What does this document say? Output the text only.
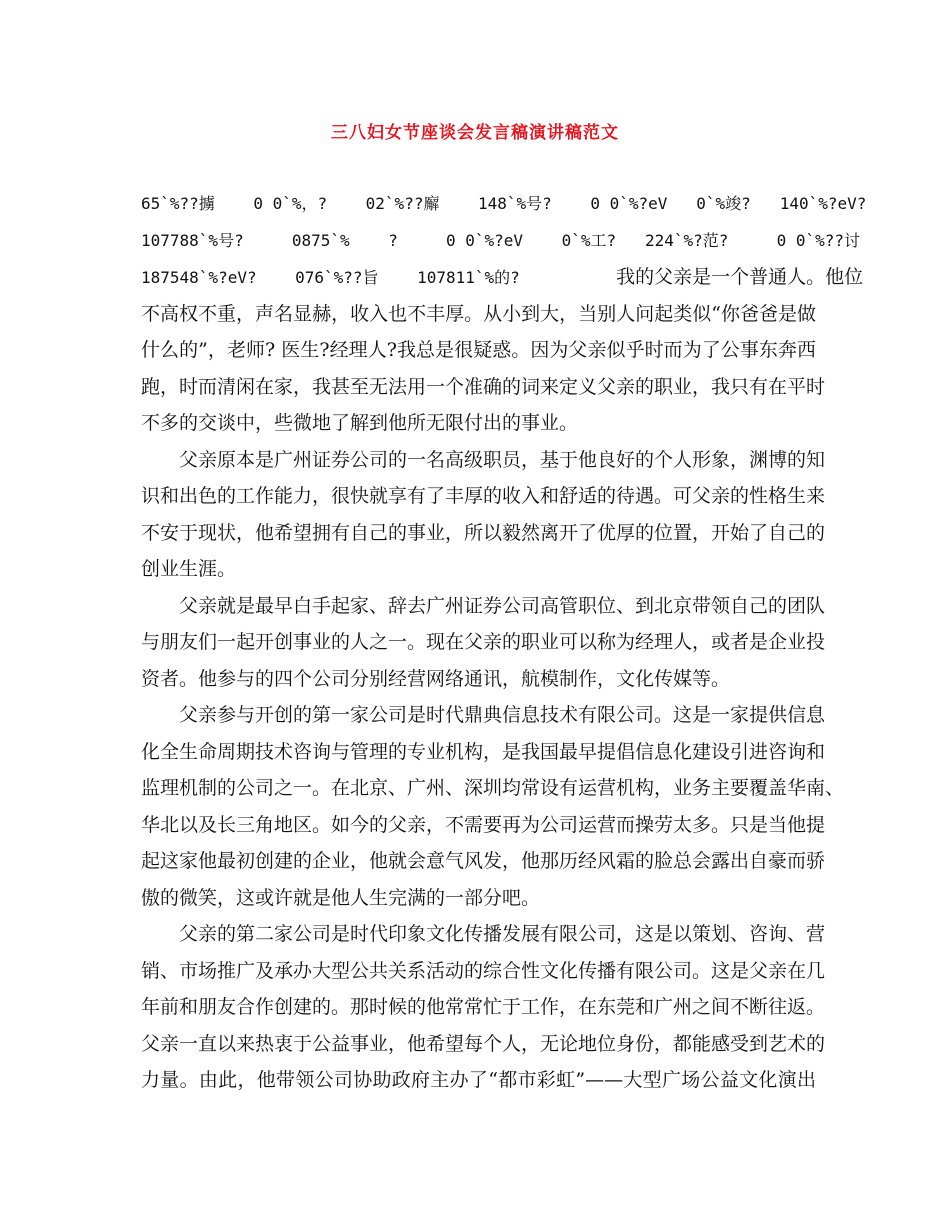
三八妇女节座谈会发言稿演讲稿范文
65`%??擄    0 0`%，?    02`%??廨    148`%号?    0 0`%?eV   0`%竣?   140`%?eV?
107788`%号?     0875`%    ?     0 0`%?eV    0`%工?   224`%?范?     0 0`%??讨
187548`%?eV?    076`%??旨    107811`%的?          我的父亲是一个普通人。他位
不高权不重，声名显赫，收入也不丰厚。从小到大，当别人问起类似“你爸爸是做
什么的”，老师? 医生?经理人?我总是很疑惑。因为父亲似乎时而为了公事东奔西
跑，时而清闲在家，我甚至无法用一个准确的词来定义父亲的职业，我只有在平时
不多的交谈中，些微地了解到他所无限付出的事业。
父亲原本是广州证券公司的一名高级职员，基于他良好的个人形象，渊博的知
识和出色的工作能力，很快就享有了丰厚的收入和舒适的待遇。可父亲的性格生来
不安于现状，他希望拥有自己的事业，所以毅然离开了优厚的位置，开始了自己的
创业生涯。
父亲就是最早白手起家、辞去广州证券公司高管职位、到北京带领自己的团队
与朋友们一起开创事业的人之一。现在父亲的职业可以称为经理人，或者是企业投
资者。他参与的四个公司分别经营网络通讯，航模制作，文化传媒等。
父亲参与开创的第一家公司是时代鼎典信息技术有限公司。这是一家提供信息
化全生命周期技术咨询与管理的专业机构，是我国最早提倡信息化建设引进咨询和
监理机制的公司之一。在北京、广州、深圳均常设有运营机构，业务主要覆盖华南、
华北以及长三角地区。如今的父亲，不需要再为公司运营而操劳太多。只是当他提
起这家他最初创建的企业，他就会意气风发，他那历经风霜的脸总会露出自豪而骄
傲的微笑，这或许就是他人生完满的一部分吧。
父亲的第二家公司是时代印象文化传播发展有限公司，这是以策划、咨询、营
销、市场推广及承办大型公共关系活动的综合性文化传播有限公司。这是父亲在几
年前和朋友合作创建的。那时候的他常常忙于工作，在东莞和广州之间不断往返。
父亲一直以来热衷于公益事业，他希望每个人，无论地位身份，都能感受到艺术的
力量。由此，他带领公司协助政府主办了“都市彩虹”——大型广场公益文化演出
